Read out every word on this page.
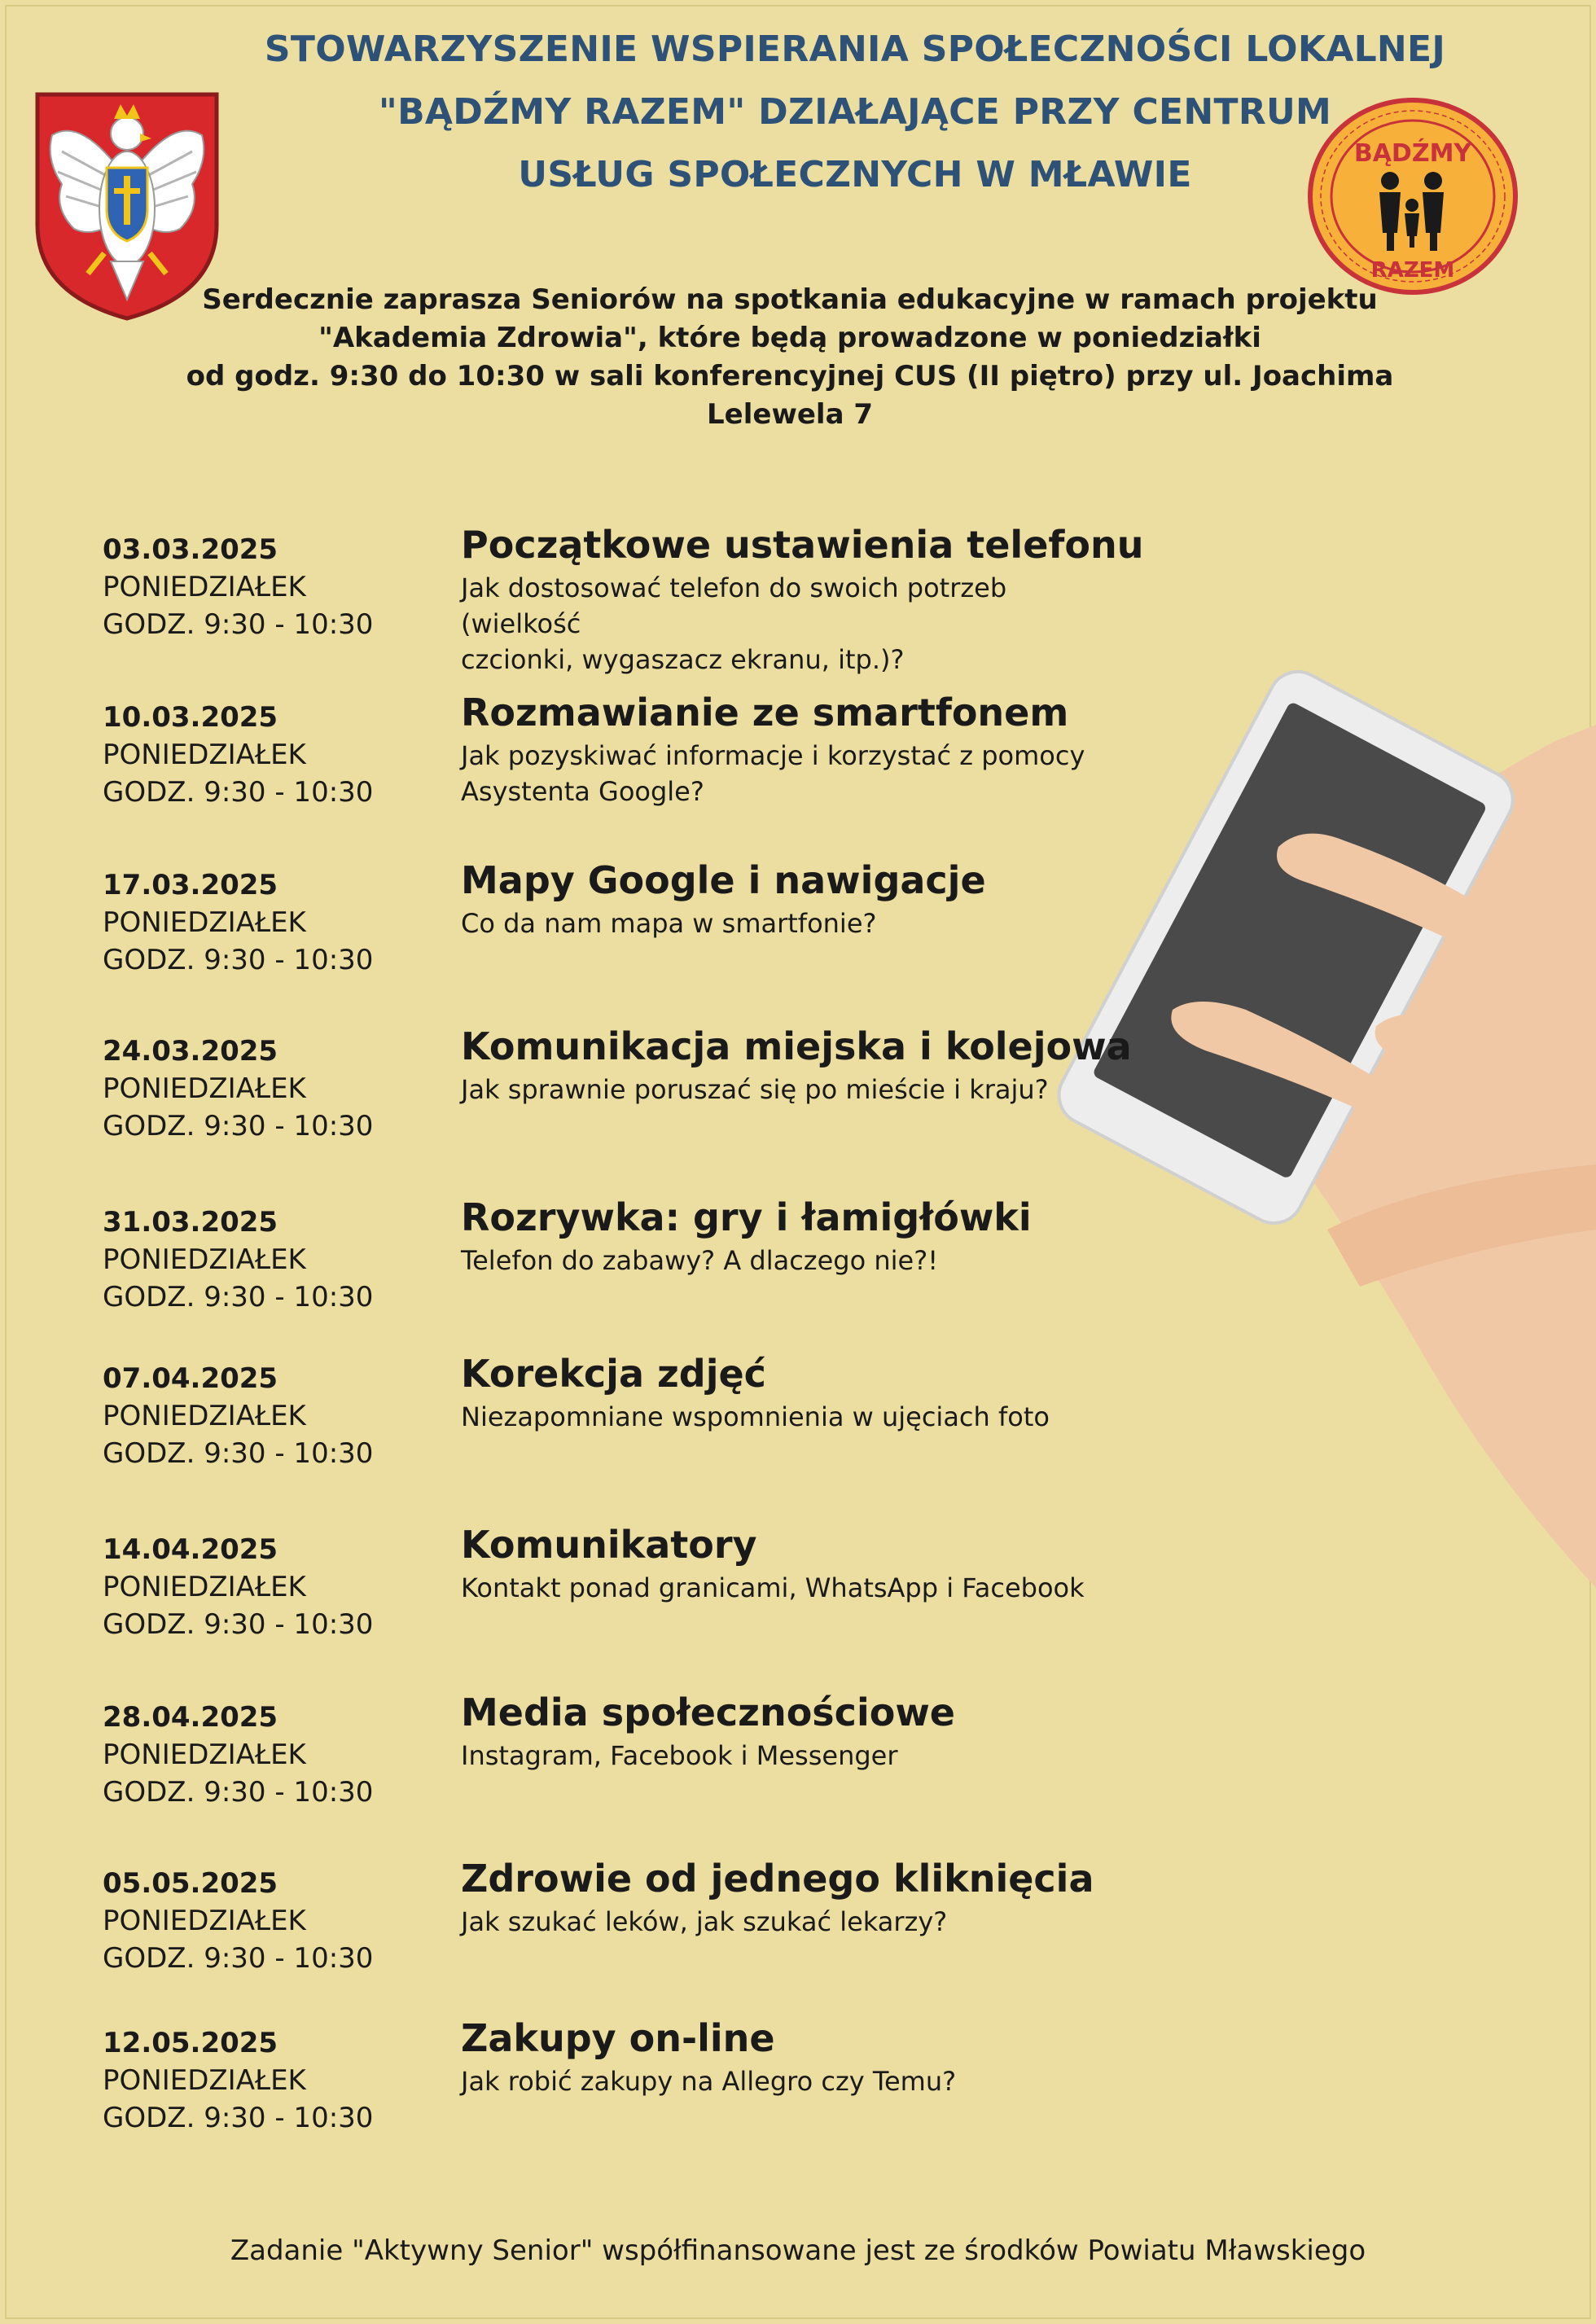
STOWARZYSZENIE WSPIERANIA SPOŁECZNOŚCI LOKALNEJ
"BĄDŹMY RAZEM" DZIAŁAJĄCE PRZY CENTRUM
USŁUG SPOŁECZNYCH W MŁAWIE
BĄDŹMY
RAZEM
Serdecznie zaprasza Seniorów na spotkania edukacyjne w ramach projektu
"Akademia Zdrowia", które będą prowadzone w poniedziałki
od godz. 9:30 do 10:30 w sali konferencyjnej CUS (II piętro) przy ul. Joachima Lelewela 7
03.03.2025
PONIEDZIAŁEK
GODZ. 9:30 - 10:30
Początkowe ustawienia telefonu
Jak dostosować telefon do swoich potrzeb (wielkość
czcionki, wygaszacz ekranu, itp.)?
10.03.2025
PONIEDZIAŁEK
GODZ. 9:30 - 10:30
Rozmawianie ze smartfonem
Jak pozyskiwać informacje i korzystać z pomocy
Asystenta Google?
17.03.2025
PONIEDZIAŁEK
GODZ. 9:30 - 10:30
Mapy Google i nawigacje
Co da nam mapa w smartfonie?
24.03.2025
PONIEDZIAŁEK
GODZ. 9:30 - 10:30
Komunikacja miejska i kolejowa
Jak sprawnie poruszać się po mieście i kraju?
31.03.2025
PONIEDZIAŁEK
GODZ. 9:30 - 10:30
Rozrywka: gry i łamigłówki
Telefon do zabawy? A dlaczego nie?!
07.04.2025
PONIEDZIAŁEK
GODZ. 9:30 - 10:30
Korekcja zdjęć
Niezapomniane wspomnienia w ujęciach foto
14.04.2025
PONIEDZIAŁEK
GODZ. 9:30 - 10:30
Komunikatory
Kontakt ponad granicami, WhatsApp i Facebook
28.04.2025
PONIEDZIAŁEK
GODZ. 9:30 - 10:30
Media społecznościowe
Instagram, Facebook i Messenger
05.05.2025
PONIEDZIAŁEK
GODZ. 9:30 - 10:30
Zdrowie od jednego kliknięcia
Jak szukać leków, jak szukać lekarzy?
12.05.2025
PONIEDZIAŁEK
GODZ. 9:30 - 10:30
Zakupy on-line
Jak robić zakupy na Allegro czy Temu?
Zadanie "Aktywny Senior" współfinansowane jest ze środków Powiatu Mławskiego
